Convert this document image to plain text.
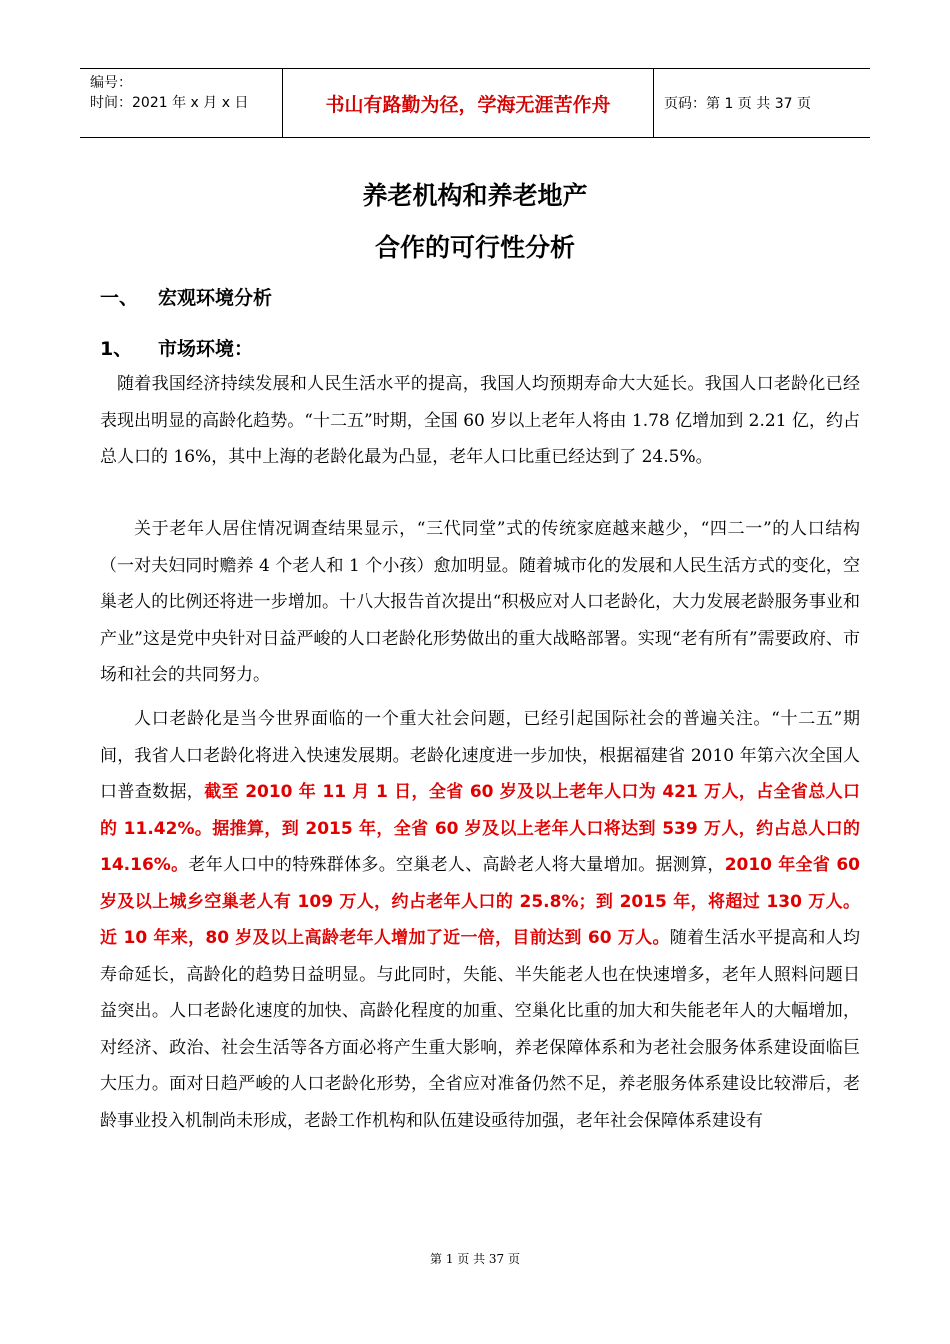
编号：
时间：2021 年 x 月 x 日	书山有路勤为径，学海无涯苦作舟	页码：第 1 页 共 37 页
养老机构和养老地产
合作的可行性分析
一、	宏观环境分析
1、	市场环境：

随着我国经济持续发展和人民生活水平的提高，我国人均预期寿命大大延长。我国人口老龄化已经表现出明显的高龄化趋势。“十二五”时期，全国 60 岁以上老年人将由 1.78 亿增加到 2.21 亿，约占总人口的 16%，其中上海的老龄化最为凸显，老年人口比重已经达到了 24.5%。

关于老年人居住情况调查结果显示，“三代同堂”式的传统家庭越来越少，“四二一”的人口结构（一对夫妇同时赡养 4 个老人和 1 个小孩）愈加明显。随着城市化的发展和人民生活方式的变化，空巢老人的比例还将进一步增加。十八大报告首次提出“积极应对人口老龄化，大力发展老龄服务事业和产业”这是党中央针对日益严峻的人口老龄化形势做出的重大战略部署。实现“老有所有”需要政府、市场和社会的共同努力。

人口老龄化是当今世界面临的一个重大社会问题，已经引起国际社会的普遍关注。“十二五”期间，我省人口老龄化将进入快速发展期。老龄化速度进一步加快，根据福建省 2010 年第六次全国人口普查数据，截至 2010 年 11 月 1 日，全省 60 岁及以上老年人口为 421 万人，占全省总人口的 11.42%。据推算，到 2015 年，全省 60 岁及以上老年人口将达到 539 万人，约占总人口的 14.16%。老年人口中的特殊群体多。空巢老人、高龄老人将大量增加。据测算，2010 年全省 60 岁及以上城乡空巢老人有 109 万人，约占老年人口的 25.8%；到 2015 年，将超过 130 万人。近 10 年来，80 岁及以上高龄老年人增加了近一倍，目前达到 60 万人。随着生活水平提高和人均寿命延长，高龄化的趋势日益明显。与此同时，失能、半失能老人也在快速增多，老年人照料问题日益突出。人口老龄化速度的加快、高龄化程度的加重、空巢化比重的加大和失能老年人的大幅增加，对经济、政治、社会生活等各方面必将产生重大影响，养老保障体系和为老社会服务体系建设面临巨大压力。面对日趋严峻的人口老龄化形势，全省应对准备仍然不足，养老服务体系建设比较滞后，老龄事业投入机制尚未形成，老龄工作机构和队伍建设亟待加强，老年社会保障体系建设有

第 1 页 共 37 页
